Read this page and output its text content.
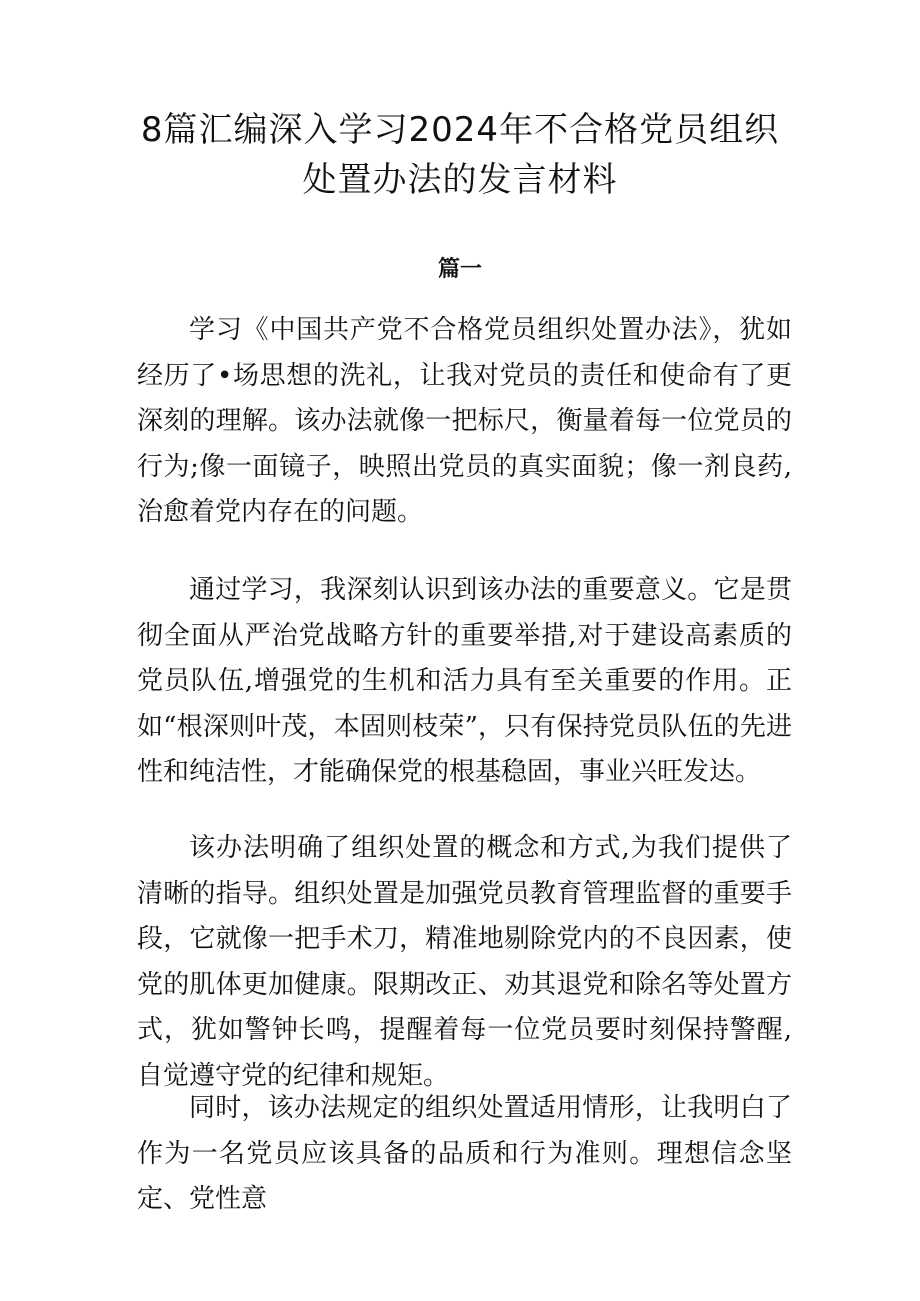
8篇汇编深入学习2024年不合格党员组织
处置办法的发言材料
篇一

学习《中国共产党不合格党员组织处置办法》，犹如经历了•场思想的洗礼，让我对党员的责任和使命有了更深刻的理解。该办法就像一把标尺，衡量着每一位党员的行为;像一面镜子，映照出党员的真实面貌；像一剂良药,治愈着党内存在的问题。

通过学习，我深刻认识到该办法的重要意义。它是贯彻全面从严治党战略方针的重要举措,对于建设高素质的党员队伍,增强党的生机和活力具有至关重要的作用。正如“根深则叶茂，本固则枝荣”，只有保持党员队伍的先进性和纯洁性，才能确保党的根基稳固，事业兴旺发达。

该办法明确了组织处置的概念和方式,为我们提供了清晰的指导。组织处置是加强党员教育管理监督的重要手段，它就像一把手术刀，精准地剔除党内的不良因素，使党的肌体更加健康。限期改正、劝其退党和除名等处置方式，犹如警钟长鸣，提醒着每一位党员要时刻保持警醒,自觉遵守党的纪律和规矩。

同时，该办法规定的组织处置适用情形，让我明白了作为一名党员应该具备的品质和行为准则。理想信念坚定、党性意
